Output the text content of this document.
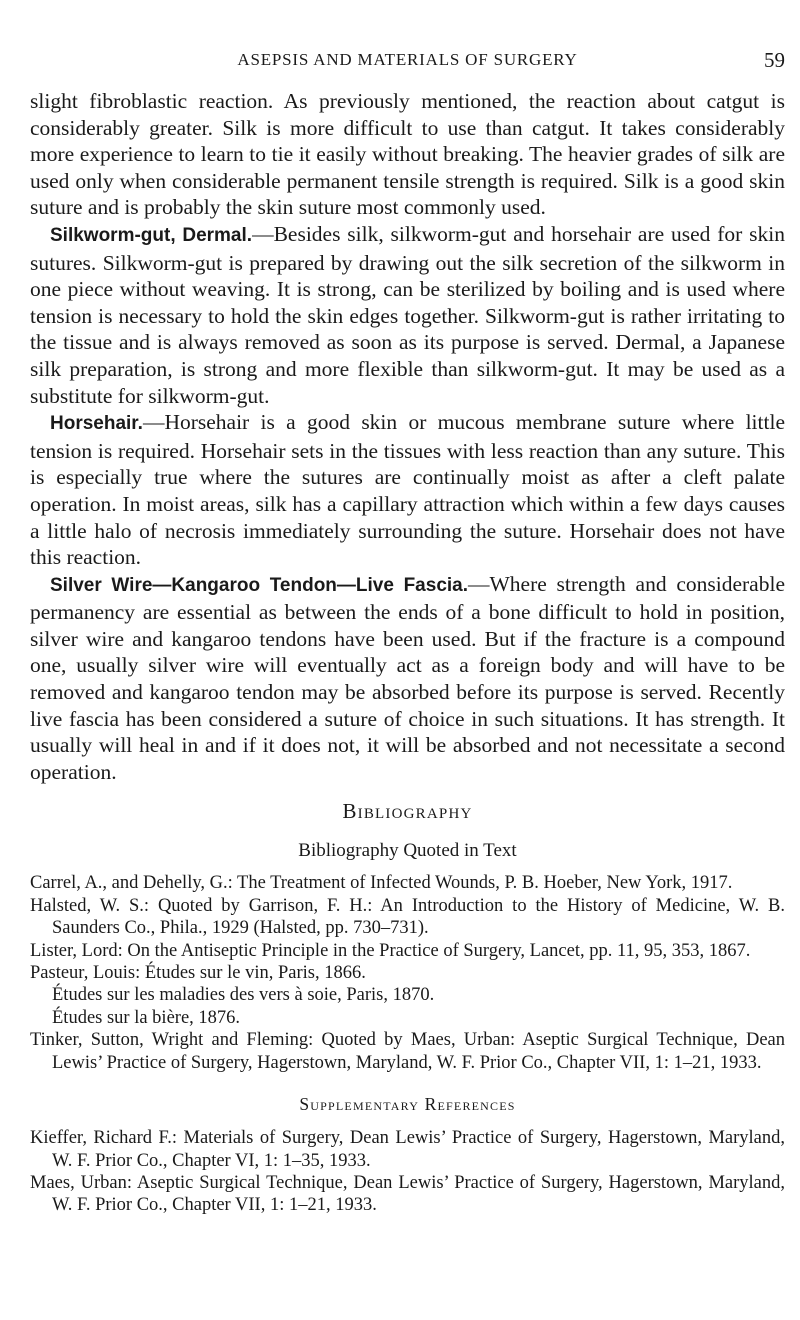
ASEPSIS AND MATERIALS OF SURGERY	59

slight fibroblastic reaction. As previously mentioned, the reaction about catgut is considerably greater. Silk is more difficult to use than catgut. It takes considerably more experience to learn to tie it easily without breaking. The heavier grades of silk are used only when considerable permanent tensile strength is required. Silk is a good skin suture and is probably the skin suture most commonly used.

Silkworm-gut, Dermal.—Besides silk, silkworm-gut and horsehair are used for skin sutures. Silkworm-gut is prepared by drawing out the silk secretion of the silkworm in one piece without weaving. It is strong, can be sterilized by boiling and is used where tension is necessary to hold the skin edges together. Silkworm-gut is rather irritating to the tissue and is always removed as soon as its purpose is served. Dermal, a Japanese silk preparation, is strong and more flexible than silkworm-gut. It may be used as a substitute for silkworm-gut.

Horsehair.—Horsehair is a good skin or mucous membrane suture where little tension is required. Horsehair sets in the tissues with less reaction than any suture. This is especially true where the sutures are continually moist as after a cleft palate operation. In moist areas, silk has a capillary attraction which within a few days causes a little halo of necrosis immediately surrounding the suture. Horsehair does not have this reaction.

Silver Wire—Kangaroo Tendon—Live Fascia.—Where strength and considerable permanency are essential as between the ends of a bone difficult to hold in position, silver wire and kangaroo tendons have been used. But if the fracture is a compound one, usually silver wire will eventually act as a foreign body and will have to be removed and kangaroo tendon may be absorbed before its purpose is served. Recently live fascia has been considered a suture of choice in such situations. It has strength. It usually will heal in and if it does not, it will be absorbed and not necessitate a second operation.

Bibliography
Bibliography Quoted in Text
Carrel, A., and Dehelly, G.: The Treatment of Infected Wounds, P. B. Hoeber, New York, 1917.
Halsted, W. S.: Quoted by Garrison, F. H.: An Introduction to the History of Medicine, W. B. Saunders Co., Phila., 1929 (Halsted, pp. 730–731).
Lister, Lord: On the Antiseptic Principle in the Practice of Surgery, Lancet, pp. 11, 95, 353, 1867.
Pasteur, Louis: Études sur le vin, Paris, 1866.
Études sur les maladies des vers à soie, Paris, 1870.
Études sur la bière, 1876.
Tinker, Sutton, Wright and Fleming: Quoted by Maes, Urban: Aseptic Surgical Technique, Dean Lewis’ Practice of Surgery, Hagerstown, Maryland, W. F. Prior Co., Chapter VII, 1: 1–21, 1933.
Supplementary References
Kieffer, Richard F.: Materials of Surgery, Dean Lewis’ Practice of Surgery, Hagerstown, Maryland, W. F. Prior Co., Chapter VI, 1: 1–35, 1933.
Maes, Urban: Aseptic Surgical Technique, Dean Lewis’ Practice of Surgery, Hagerstown, Maryland, W. F. Prior Co., Chapter VII, 1: 1–21, 1933.
